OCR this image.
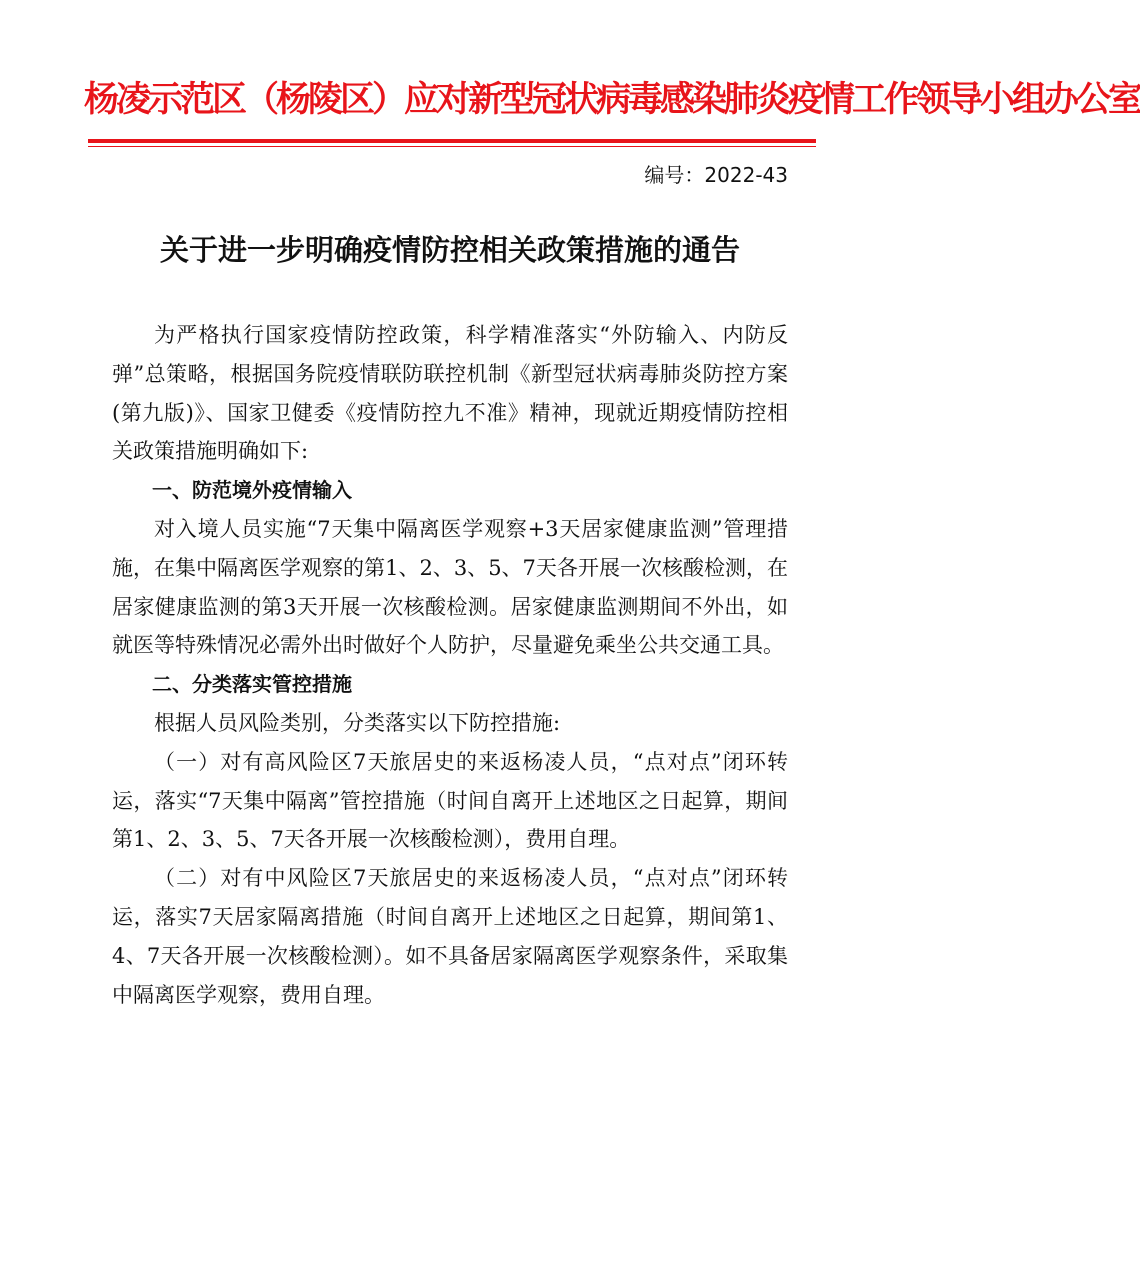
杨凌示范区（杨陵区）应对新型冠状病毒感染肺炎疫情工作领导小组办公室
编号：2022-43
关于进一步明确疫情防控相关政策措施的通告

为严格执行国家疫情防控政策，科学精准落实“外防输入、内防反弹”总策略，根据国务院疫情联防联控机制《新型冠状病毒肺炎防控方案(第九版)》、国家卫健委《疫情防控九不准》精神，现就近期疫情防控相关政策措施明确如下:

一、防范境外疫情输入

对入境人员实施“7天集中隔离医学观察+3天居家健康监测”管理措施，在集中隔离医学观察的第1、2、3、5、7天各开展一次核酸检测，在居家健康监测的第3天开展一次核酸检测。居家健康监测期间不外出，如就医等特殊情况必需外出时做好个人防护，尽量避免乘坐公共交通工具。

二、分类落实管控措施

根据人员风险类别，分类落实以下防控措施:

（一）对有高风险区7天旅居史的来返杨凌人员，“点对点”闭环转运，落实“7天集中隔离”管控措施（时间自离开上述地区之日起算，期间第1、2、3、5、7天各开展一次核酸检测），费用自理。

（二）对有中风险区7天旅居史的来返杨凌人员，“点对点”闭环转运，落实7天居家隔离措施（时间自离开上述地区之日起算，期间第1、4、7天各开展一次核酸检测）。如不具备居家隔离医学观察条件，采取集中隔离医学观察，费用自理。
